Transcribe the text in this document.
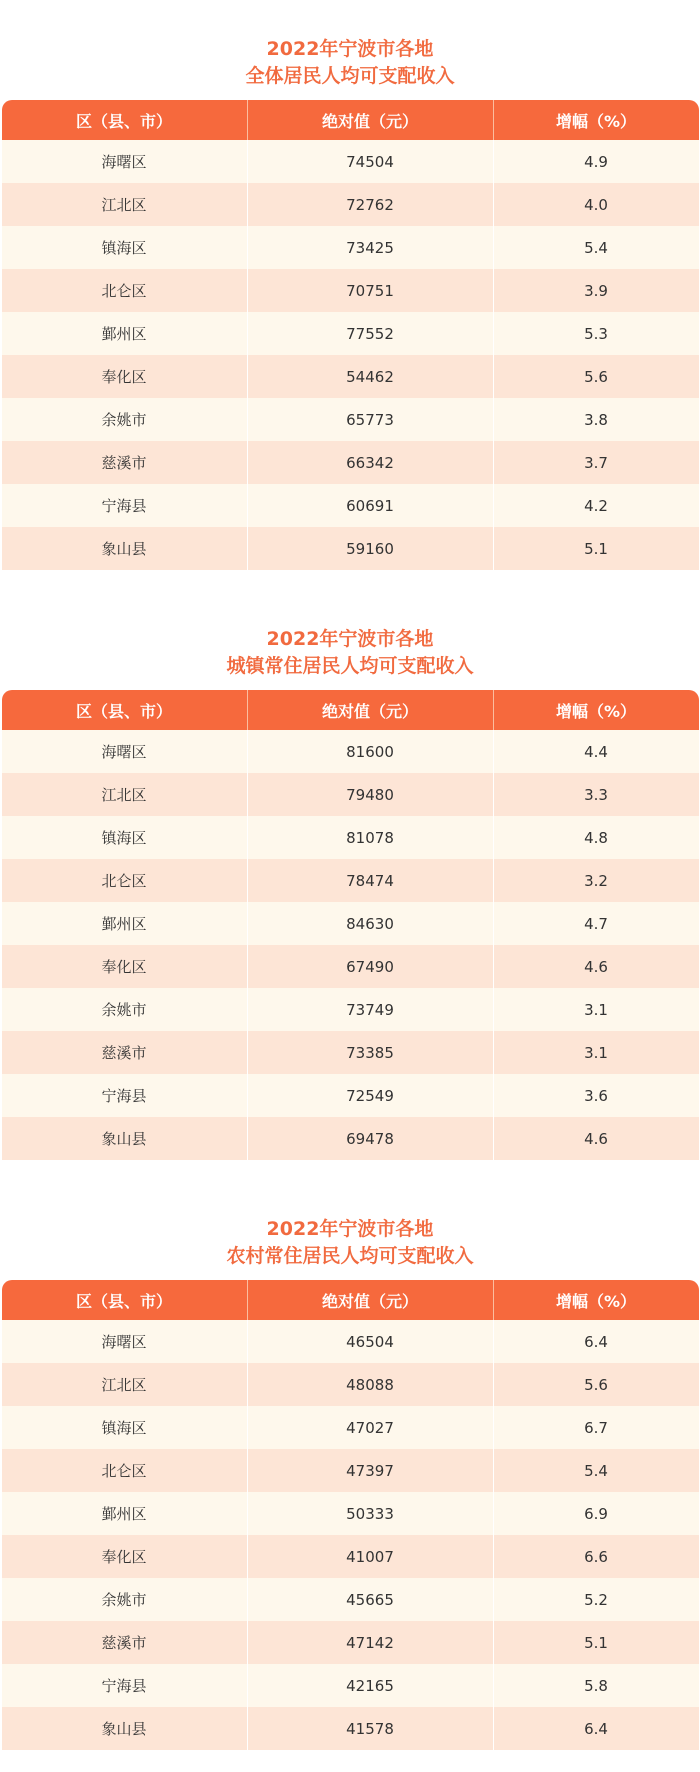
2022年宁波市各地
全体居民人均可支配收入
区（县、市）	绝对值（元）	增幅（%）
海曙区	74504	4.9
江北区	72762	4.0
镇海区	73425	5.4
北仑区	70751	3.9
鄞州区	77552	5.3
奉化区	54462	5.6
余姚市	65773	3.8
慈溪市	66342	3.7
宁海县	60691	4.2
象山县	59160	5.1
2022年宁波市各地
城镇常住居民人均可支配收入
区（县、市）	绝对值（元）	增幅（%）
海曙区	81600	4.4
江北区	79480	3.3
镇海区	81078	4.8
北仑区	78474	3.2
鄞州区	84630	4.7
奉化区	67490	4.6
余姚市	73749	3.1
慈溪市	73385	3.1
宁海县	72549	3.6
象山县	69478	4.6
2022年宁波市各地
农村常住居民人均可支配收入
区（县、市）	绝对值（元）	增幅（%）
海曙区	46504	6.4
江北区	48088	5.6
镇海区	47027	6.7
北仑区	47397	5.4
鄞州区	50333	6.9
奉化区	41007	6.6
余姚市	45665	5.2
慈溪市	47142	5.1
宁海县	42165	5.8
象山县	41578	6.4
